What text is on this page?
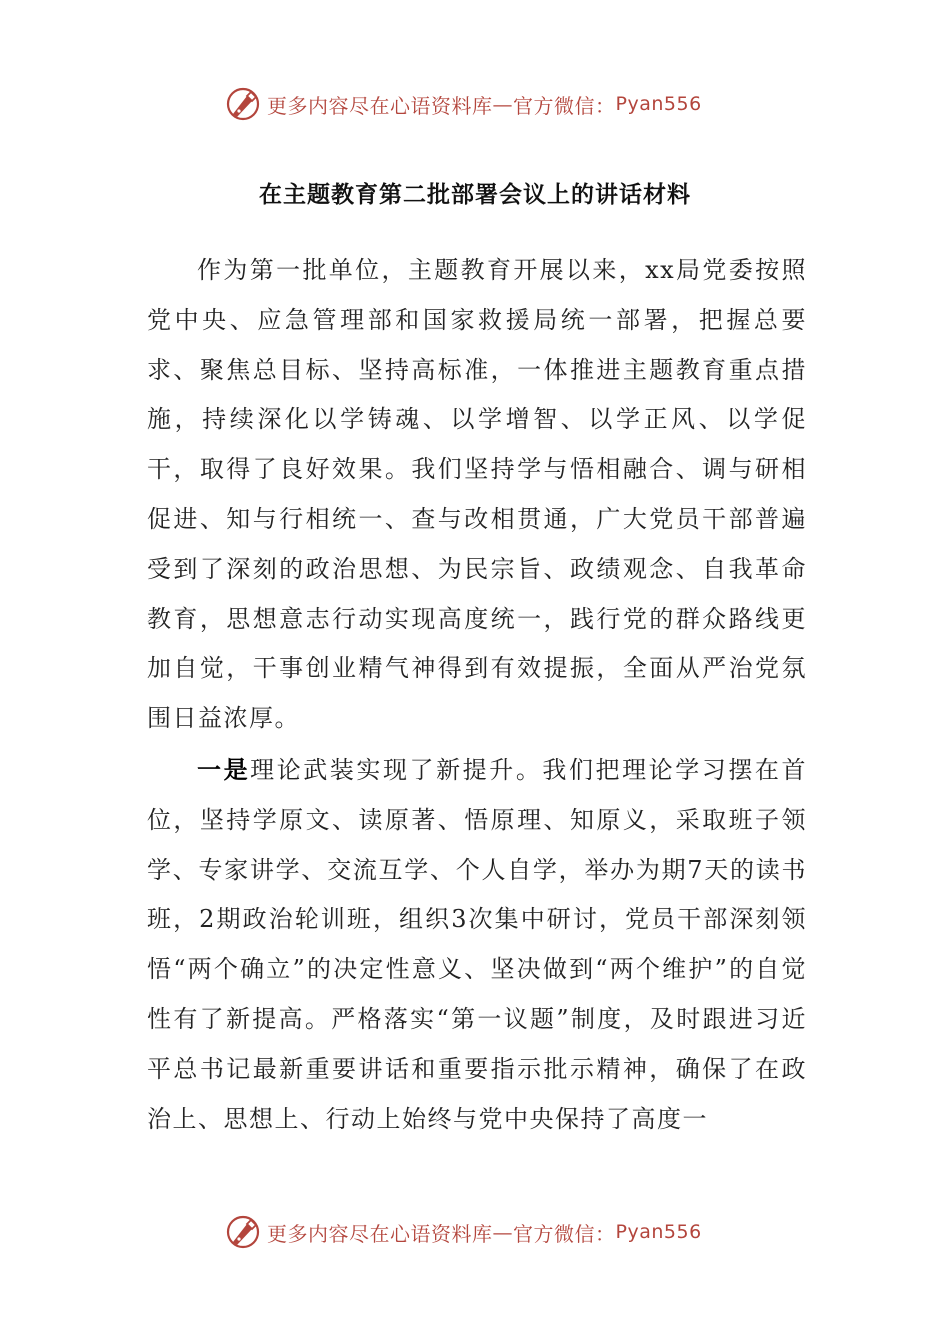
更多内容尽在心语资料库 — 官方微信： Pyan556
在主题教育第二批部署会议上的讲话材料

作为第一批单位，主题教育开展以来，xx局党委按照党中央、应急管理部和国家救援局统一部署，把握总要求、聚焦总目标、坚持高标准，一体推进主题教育重点措施，持续深化以学铸魂、以学增智、以学正风、以学促干，取得了良好效果。我们坚持学与悟相融合、调与研相促进、知与行相统一、查与改相贯通，广大党员干部普遍受到了深刻的政治思想、为民宗旨、政绩观念、自我革命教育，思想意志行动实现高度统一，践行党的群众路线更加自觉，干事创业精气神得到有效提振，全面从严治党氛围日益浓厚。

一是理论武装实现了新提升。我们把理论学习摆在首位，坚持学原文、读原著、悟原理、知原义，采取班子领学、专家讲学、交流互学、个人自学，举办为期7天的读书班，2期政治轮训班，组织3次集中研讨，党员干部深刻领悟“两个确立”的决定性意义、坚决做到“两个维护”的自觉性有了新提高。严格落实“第一议题”制度，及时跟进习近平总书记最新重要讲话和重要指示批示精神，确保了在政治上、思想上、行动上始终与党中央保持了高度一

更多内容尽在心语资料库 — 官方微信： Pyan556
